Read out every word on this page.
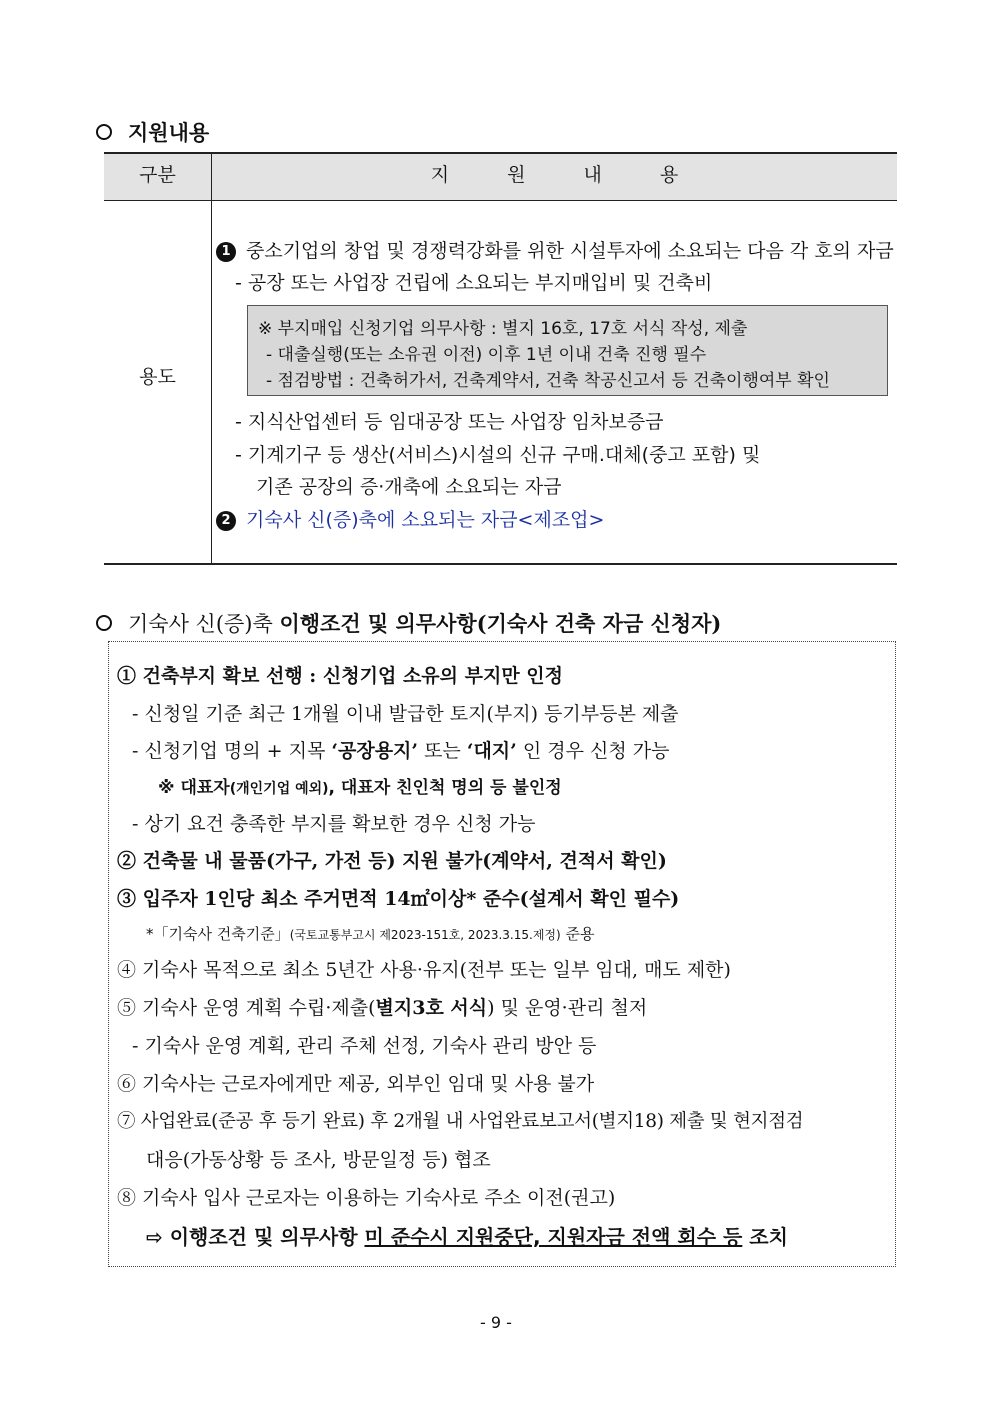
지원내용
구분	지원내용
용도
1 중소기업의 창업 및 경쟁력강화를 위한 시설투자에 소요되는 다음 각 호의 자금
- 공장 또는 사업장 건립에 소요되는 부지매입비 및 건축비
※ 부지매입 신청기업 의무사항 : 별지 16호, 17호 서식 작성, 제출
- 대출실행(또는 소유권 이전) 이후 1년 이내 건축 진행 필수
- 점검방법 : 건축허가서, 건축계약서, 건축 착공신고서 등 건축이행여부 확인
- 지식산업센터 등 임대공장 또는 사업장 임차보증금
- 기계기구 등 생산(서비스)시설의 신규 구매.대체(중고 포함) 및
기존 공장의 증·개축에 소요되는 자금
2 기숙사 신(증)축에 소요되는 자금<제조업>
기숙사 신(증)축 이행조건 및 의무사항(기숙사 건축 자금 신청자)
① 건축부지 확보 선행 : 신청기업 소유의 부지만 인정
- 신청일 기준 최근 1개월 이내 발급한 토지(부지) 등기부등본 제출
- 신청기업 명의 + 지목 ‘공장용지’ 또는 ‘대지’ 인 경우 신청 가능
※ 대표자(개인기업 예외), 대표자 친인척 명의 등 불인정
- 상기 요건 충족한 부지를 확보한 경우 신청 가능
② 건축물 내 물품(가구, 가전 등) 지원 불가(계약서, 견적서 확인)
③ 입주자 1인당 최소 주거면적 14㎡이상* 준수(설계서 확인 필수)
*「기숙사 건축기준」(국토교통부고시 제2023-151호, 2023.3.15.제정) 준용
④ 기숙사 목적으로 최소 5년간 사용·유지(전부 또는 일부 임대, 매도 제한)
⑤ 기숙사 운영 계획 수립·제출(별지3호 서식) 및 운영·관리 철저
- 기숙사 운영 계획, 관리 주체 선정, 기숙사 관리 방안 등
⑥ 기숙사는 근로자에게만 제공, 외부인 임대 및 사용 불가
⑦ 사업완료(준공 후 등기 완료) 후 2개월 내 사업완료보고서(별지18) 제출 및 현지점검
대응(가동상황 등 조사, 방문일정 등) 협조
⑧ 기숙사 입사 근로자는 이용하는 기숙사로 주소 이전(권고)
⇨ 이행조건 및 의무사항 미 준수시 지원중단, 지원자금 전액 회수 등 조치
- 9 -
